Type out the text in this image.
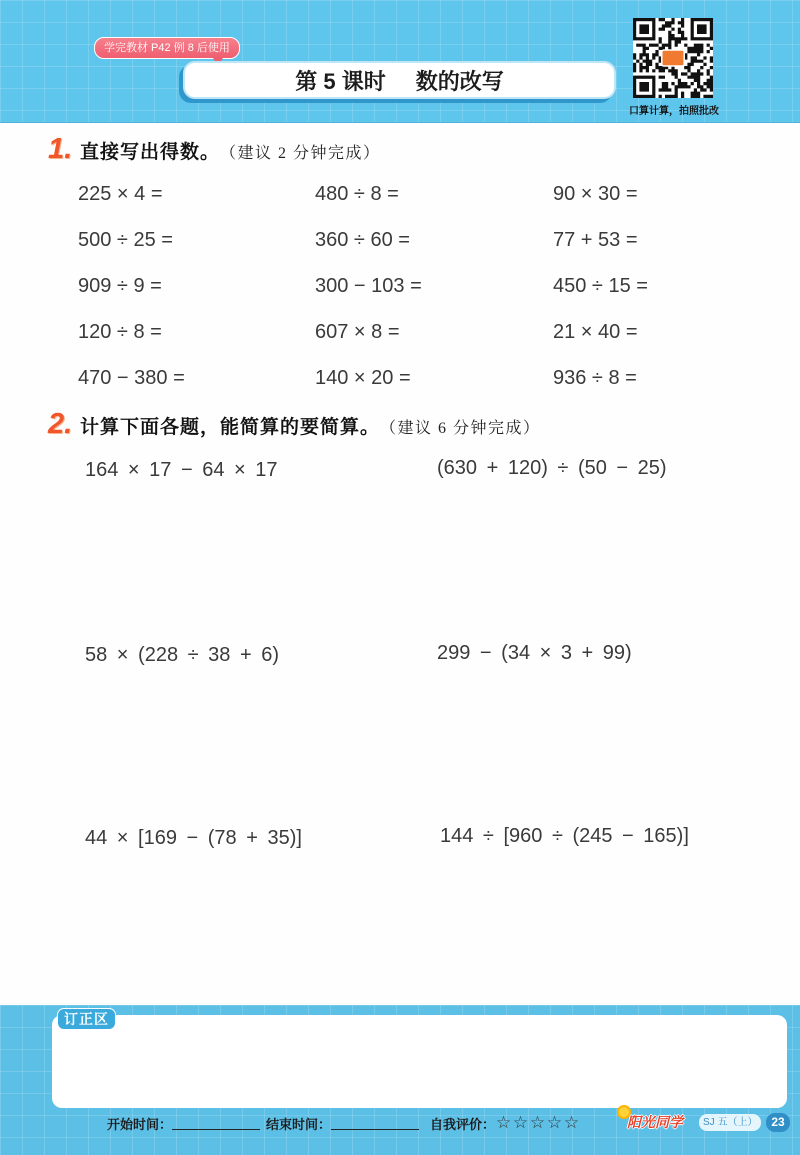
学完教材 P42 例 8 后使用
第 5 课时 数的改写
口算计算，拍照批改
1. 直接写出得数。 （建议 2 分钟完成）
225 × 4 =	480 ÷ 8 =	90 × 30 =
500 ÷ 25 =	360 ÷ 60 =	77 + 53 =
909 ÷ 9 =	300 − 103 =	450 ÷ 15 =
120 ÷ 8 =	607 × 8 =	21 × 40 =
470 − 380 =	140 × 20 =	936 ÷ 8 =
2. 计算下面各题，能简算的要简算。 （建议 6 分钟完成）
164 × 17 − 64 × 17	(630 + 120) ÷ (50 − 25)
58 × (228 ÷ 38 + 6)	299 − (34 × 3 + 99)
44 × [169 − (78 + 35)]	144 ÷ [960 ÷ (245 − 165)]
订正区
开始时间：	结束时间：	自我评价： ☆ ☆ ☆ ☆ ☆	阳光同学	SJ 五（上）	23
